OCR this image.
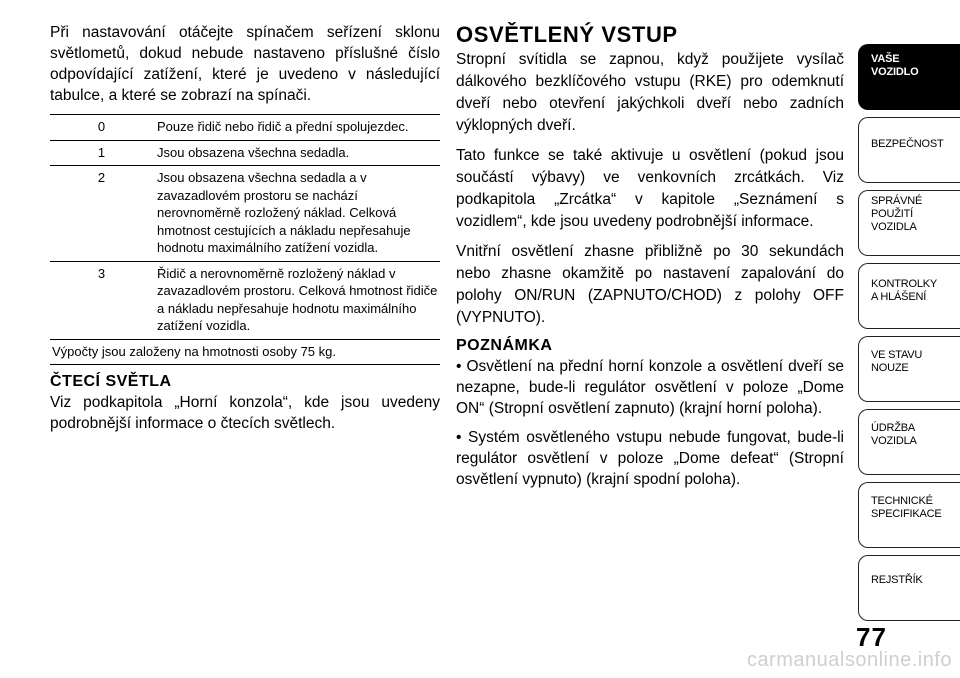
Při nastavování otáčejte spínačem seřízení sklonu světlometů, dokud nebude nastaveno příslušné číslo odpovídající zatížení, které je uvedeno v následující tabulce, a které se zobrazí na spínači.

0	Pouze řidič nebo řidič a přední spolujezdec.
1	Jsou obsazena všechna sedadla.
2	Jsou obsazena všechna sedadla a v zavazadlovém prostoru se nachází nerovnoměrně rozložený náklad. Celková hmotnost cestujících a nákladu nepřesahuje hodnotu maximálního zatížení vozidla.
3	Řidič a nerovnoměrně rozložený náklad v zavazadlovém prostoru. Celková hmotnost řidiče a nákladu nepřesahuje hodnotu maximálního zatížení vozidla.
Výpočty jsou založeny na hmotnosti osoby 75 kg.	
ČTECÍ SVĚTLA

Viz podkapitola „Horní konzola“, kde jsou uvedeny podrobnější informace o čtecích světlech.

OSVĚTLENÝ VSTUP

Stropní svítidla se zapnou, když použijete vysílač dálkového bezklíčového vstupu (RKE) pro odemknutí dveří nebo otevření jakýchkoli dveří nebo zadních výklopných dveří.

Tato funkce se také aktivuje u osvětlení (pokud jsou součástí výbavy) ve venkovních zrcátkách. Viz podkapitola „Zrcátka“ v kapitole „Seznámení s vozidlem“, kde jsou uvedeny podrobnější informace.

Vnitřní osvětlení zhasne přibližně po 30 sekundách nebo zhasne okamžitě po nastavení zapalování do polohy ON/RUN (ZAPNUTO/CHOD) z polohy OFF (VYPNUTO).

POZNÁMKA

• Osvětlení na přední horní konzole a osvětlení dveří se nezapne, bude-li regulátor osvětlení v poloze „Dome ON“ (Stropní osvětlení zapnuto) (krajní horní poloha).

• Systém osvětleného vstupu nebude fungovat, bude-li regulátor osvětlení v poloze „Dome defeat“ (Stropní osvětlení vypnuto) (krajní spodní poloha).

VAŠE
VOZIDLO
BEZPEČNOST
SPRÁVNÉ
POUŽITÍ
VOZIDLA
KONTROLKY
A HLÁŠENÍ
VE STAVU
NOUZE
ÚDRŽBA
VOZIDLA
TECHNICKÉ
SPECIFIKACE
REJSTŘÍK
77
carmanualsonline.info
